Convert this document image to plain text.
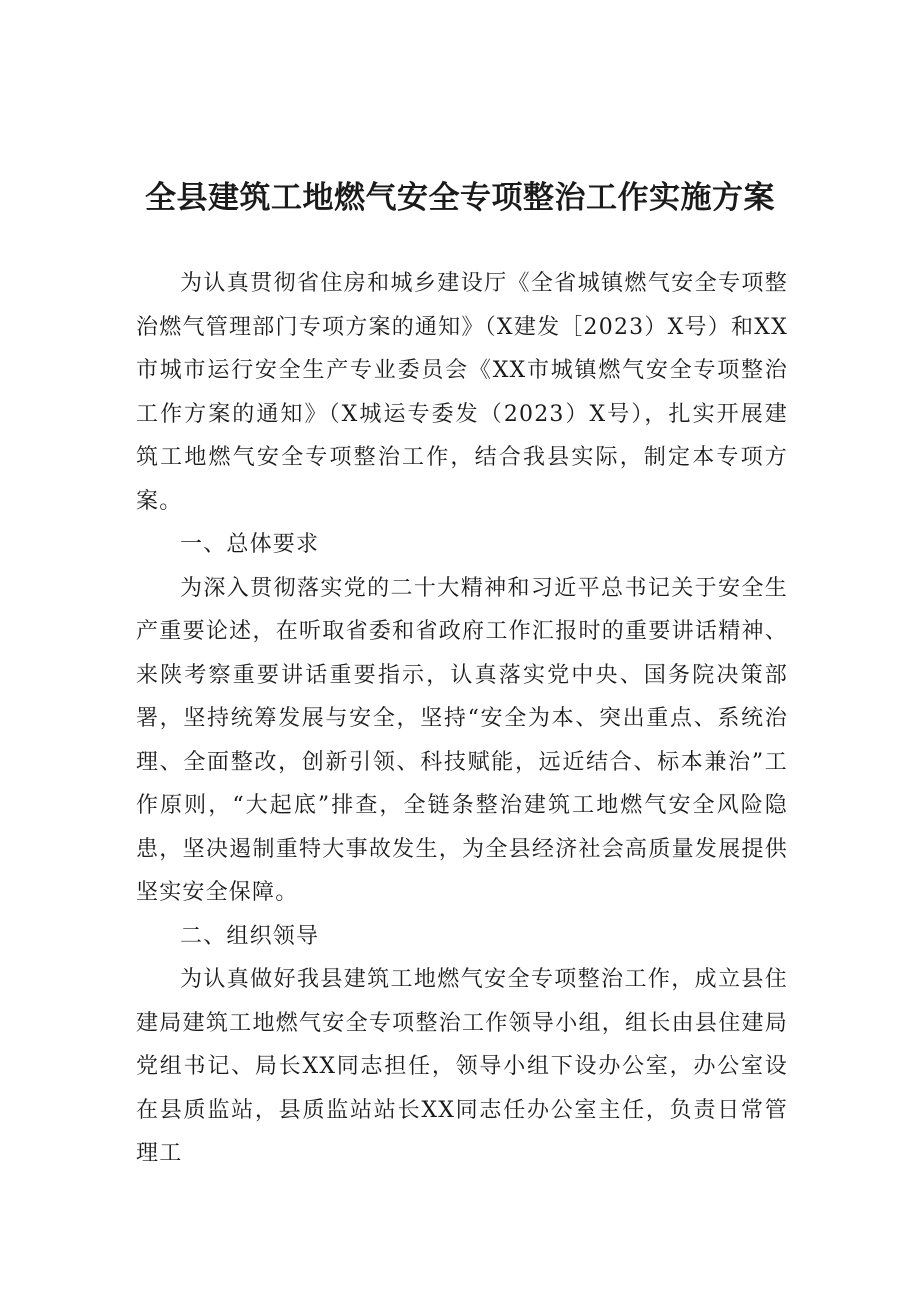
全县建筑工地燃气安全专项整治工作实施方案

为认真贯彻省住房和城乡建设厅《全省城镇燃气安全专项整治燃气管理部门专项方案的通知》（X建发［2023）X号）和XX市城市运行安全生产专业委员会《XX市城镇燃气安全专项整治工作方案的通知》（X城运专委发（2023）X号），扎实开展建筑工地燃气安全专项整治工作，结合我县实际，制定本专项方案。

一、总体要求

为深入贯彻落实党的二十大精神和习近平总书记关于安全生产重要论述，在听取省委和省政府工作汇报时的重要讲话精神、来陕考察重要讲话重要指示，认真落实党中央、国务院决策部署，坚持统筹发展与安全，坚持“安全为本、突出重点、系统治理、全面整改，创新引领、科技赋能，远近结合、标本兼治”工作原则，“大起底”排查，全链条整治建筑工地燃气安全风险隐患，坚决遏制重特大事故发生，为全县经济社会高质量发展提供坚实安全保障。

二、组织领导

为认真做好我县建筑工地燃气安全专项整治工作，成立县住建局建筑工地燃气安全专项整治工作领导小组，组长由县住建局党组书记、局长XX同志担任，领导小组下设办公室，办公室设在县质监站，县质监站站长XX同志任办公室主任，负责日常管理工
